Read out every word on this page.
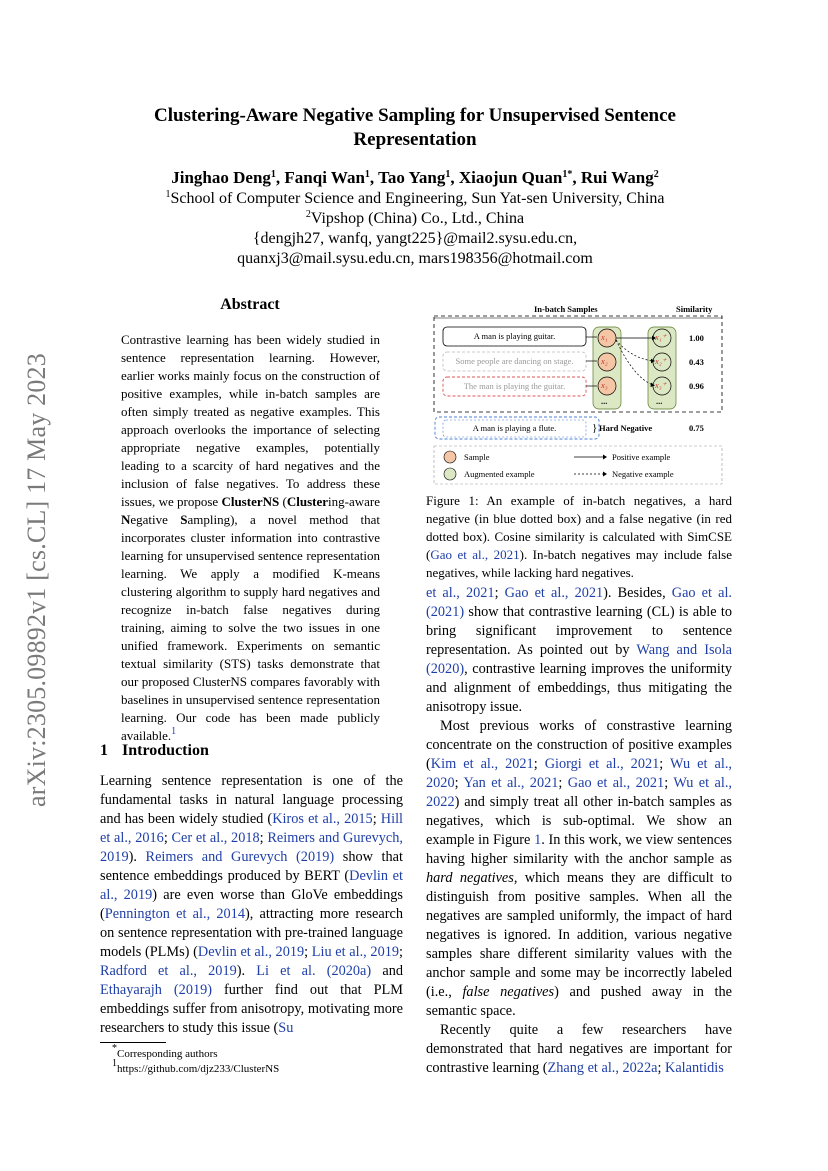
arXiv:2305.09892v1 [cs.CL] 17 May 2023
Clustering-Aware Negative Sampling for Unsupervised Sentence
Representation
Jinghao Deng$^1$, Fanqi Wan$^1$, Tao Yang$^1$, Xiaojun Quan$^{1*}$, Rui Wang$^2$
$^1$School of Computer Science and Engineering, Sun Yat-sen University, China
$^2$Vipshop (China) Co., Ltd., China
{dengjh27, wanfq, yangt225}@mail2.sysu.edu.cn,
quanxj3@mail.sysu.edu.cn, mars198356@hotmail.com
Abstract
Contrastive learning has been widely studied in sentence representation learning. However, earlier works mainly focus on the construction of positive examples, while in-batch samples are often simply treated as negative examples. This approach overlooks the importance of selecting appropriate negative examples, potentially leading to a scarcity of hard negatives and the inclusion of false negatives. To address these issues, we propose ClusterNS (Clustering-aware Negative Sampling), a novel method that incorporates cluster information into contrastive learning for unsupervised sentence representation learning. We apply a modified K-means clustering algorithm to supply hard negatives and recognize in-batch false negatives during training, aiming to solve the two issues in one unified framework. Experiments on semantic textual similarity (STS) tasks demonstrate that our proposed ClusterNS compares favorably with baselines in unsupervised sentence representation learning. Our code has been made publicly available.$^1$
1 Introduction
Learning sentence representation is one of the fundamental tasks in natural language processing and has been widely studied (Kiros et al., 2015; Hill et al., 2016; Cer et al., 2018; Reimers and Gurevych, 2019). Reimers and Gurevych (2019) show that sentence embeddings produced by BERT (Devlin et al., 2019) are even worse than GloVe embeddings (Pennington et al., 2014), attracting more research on sentence representation with pre-trained language models (PLMs) (Devlin et al., 2019; Liu et al., 2019; Radford et al., 2019). Li et al. (2020a) and Ethayarajh (2019) further find out that PLM embeddings suffer from anisotropy, motivating more researchers to study this issue (Su
*Corresponding authors
$^1$https://github.com/djz233/ClusterNS
In-batch Samples	Similarity
A man is playing guitar.
Some people are dancing on stage.
The man is playing the guitar.
A man is playing a flute.
x₁
x₂
x₃
...
x₁⁺
x₂⁺
x₃⁺
...
1.00
0.43
0.96
} Hard Negative	0.75
Sample
Augmented example
Positive example
Negative example
Figure 1: An example of in-batch negatives, a hard negative (in blue dotted box) and a false negative (in red dotted box). Cosine similarity is calculated with SimCSE (Gao et al., 2021). In-batch negatives may include false negatives, while lacking hard negatives.

et al., 2021; Gao et al., 2021). Besides, Gao et al. (2021) show that contrastive learning (CL) is able to bring significant improvement to sentence representation. As pointed out by Wang and Isola (2020), contrastive learning improves the uniformity and alignment of embeddings, thus mitigating the anisotropy issue.

Most previous works of constrastive learning concentrate on the construction of positive examples (Kim et al., 2021; Giorgi et al., 2021; Wu et al., 2020; Yan et al., 2021; Gao et al., 2021; Wu et al., 2022) and simply treat all other in-batch samples as negatives, which is sub-optimal. We show an example in Figure 1. In this work, we view sentences having higher similarity with the anchor sample as hard negatives, which means they are difficult to distinguish from positive samples. When all the negatives are sampled uniformly, the impact of hard negatives is ignored. In addition, various negative samples share different similarity values with the anchor sample and some may be incorrectly labeled (i.e., false negatives) and pushed away in the semantic space.

Recently quite a few researchers have demonstrated that hard negatives are important for contrastive learning (Zhang et al., 2022a; Kalantidis
